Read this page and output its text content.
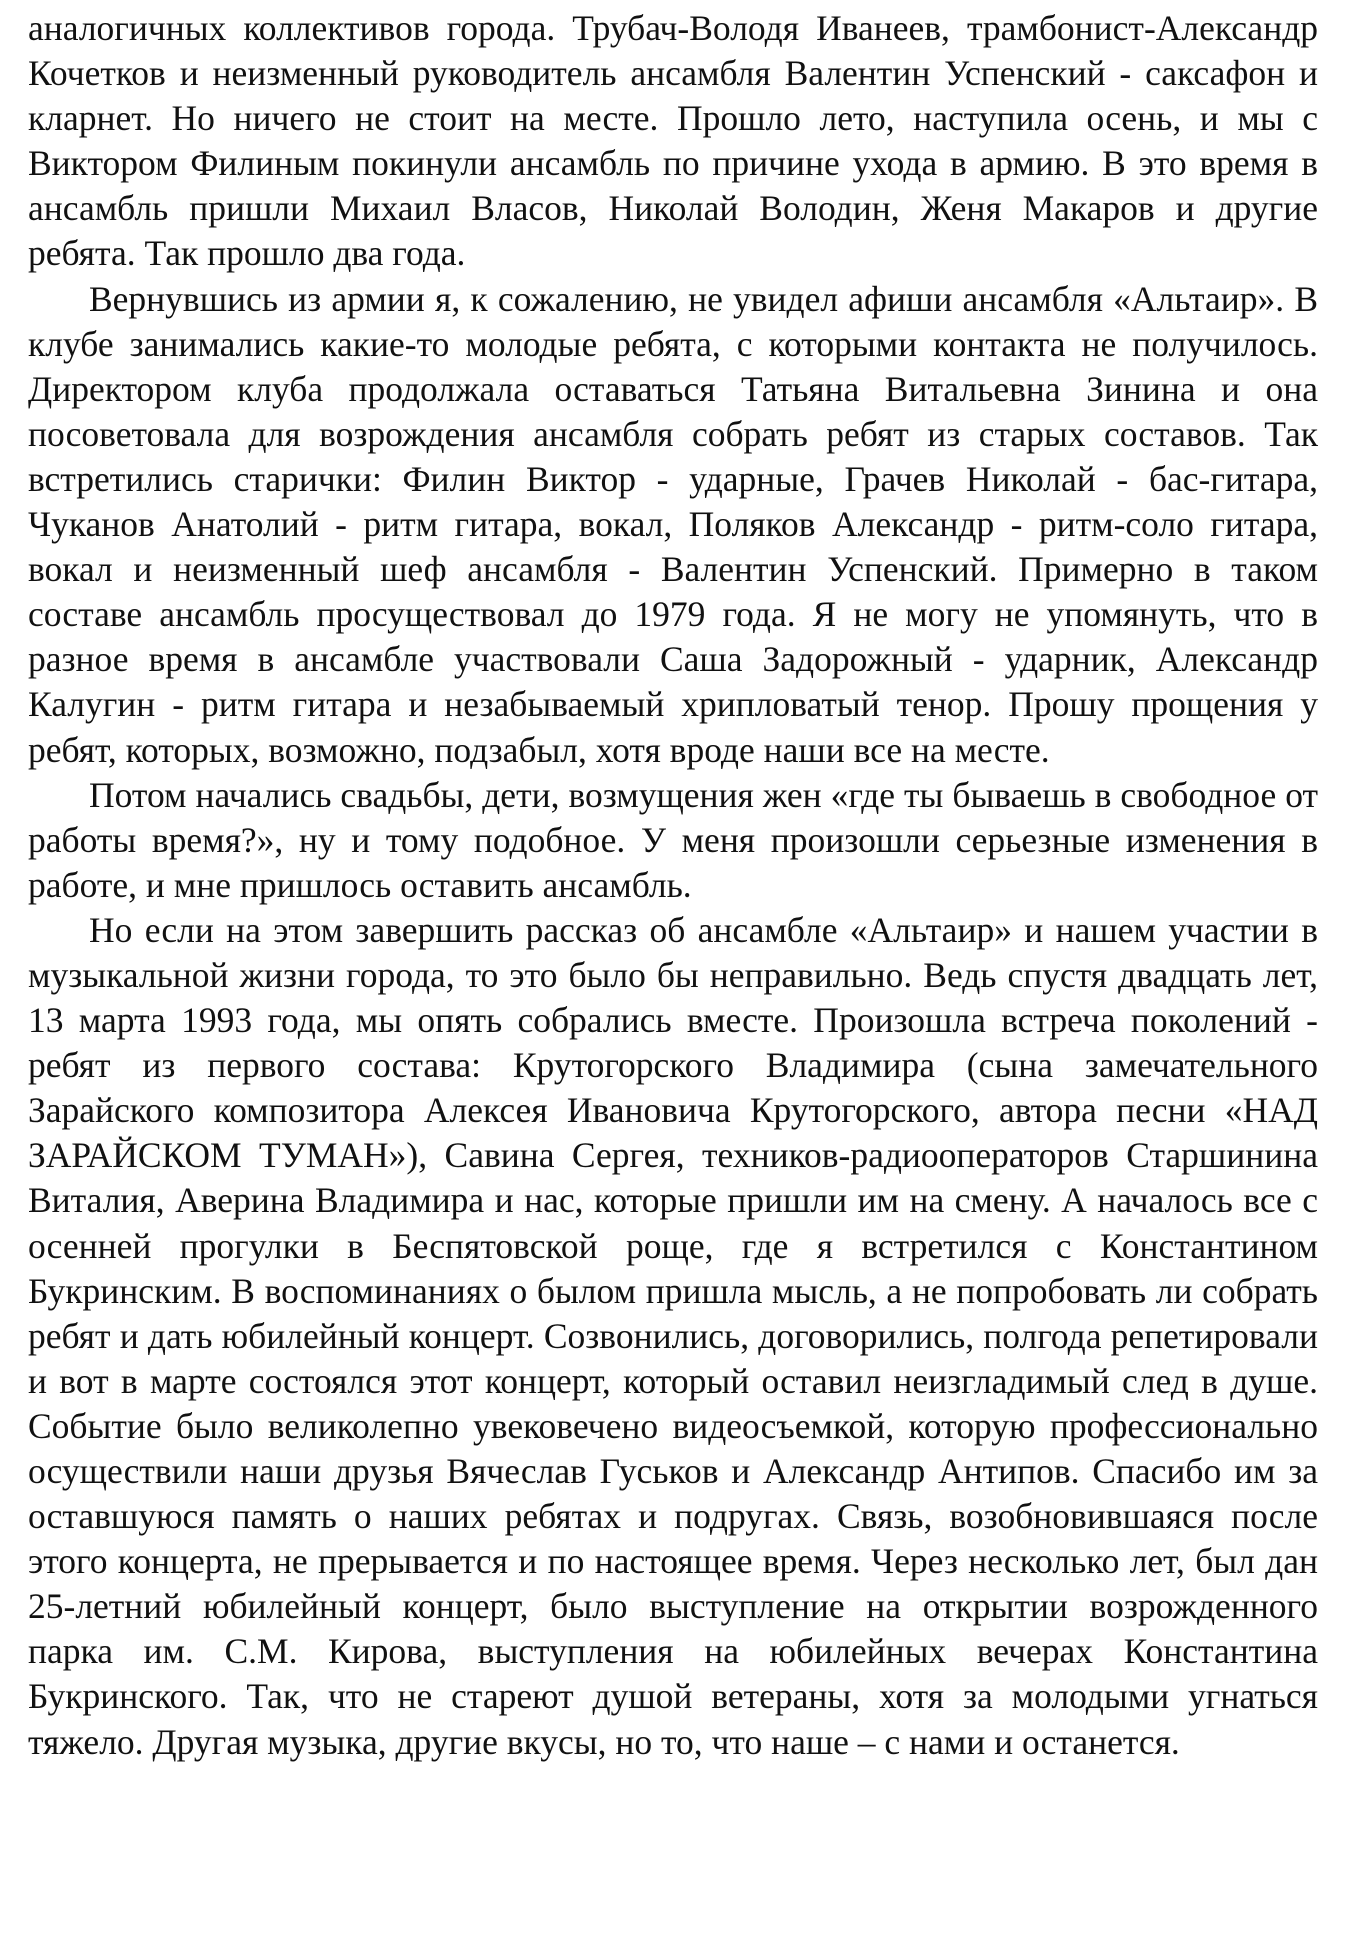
аналогичных коллективов города. Трубач-Володя Иванеев, трамбонист-Александр Кочетков и неизменный руководитель ансамбля Валентин Успенский - саксафон и кларнет. Но ничего не стоит на месте. Прошло лето, наступила осень, и мы с Виктором Филиным покинули ансамбль по причине ухода в армию. В это время в ансамбль пришли Михаил Власов, Николай Володин, Женя Макаров и другие ребята. Так прошло два года.

Вернувшись из армии я, к сожалению, не увидел афиши ансамбля «Альтаир». В клубе занимались какие-то молодые ребята, с которыми контакта не получилось. Директором клуба продолжала оставаться Татьяна Витальевна Зинина и она посоветовала для возрождения ансамбля собрать ребят из старых составов. Так встретились старички: Филин Виктор - ударные, Грачев Николай - бас-гитара, Чуканов Анатолий - ритм гитара, вокал, Поляков Александр - ритм-соло гитара, вокал и неизменный шеф ансамбля - Валентин Успенский. Примерно в таком составе ансамбль просуществовал до 1979 года. Я не могу не упомянуть, что в разное время в ансамбле участвовали Саша Задорожный - ударник, Александр Калугин - ритм гитара и незабываемый хрипловатый тенор. Прошу прощения у ребят, которых, возможно, подзабыл, хотя вроде наши все на месте.

Потом начались свадьбы, дети, возмущения жен «где ты бываешь в свободное от работы время?», ну и тому подобное. У меня произошли серьезные изменения в работе, и мне пришлось оставить ансамбль.

Но если на этом завершить рассказ об ансамбле «Альтаир» и нашем участии в музыкальной жизни города, то это было бы неправильно. Ведь спустя двадцать лет, 13 марта 1993 года, мы опять собрались вместе. Произошла встреча поколений - ребят из первого состава: Крутогорского Владимира (сына замечательного Зарайского композитора Алексея Ивановича Крутогорского, автора песни «НАД ЗАРАЙСКОМ ТУМАН»), Савина Сергея, техников-радиооператоров Старшинина Виталия, Аверина Владимира и нас, которые пришли им на смену. А началось все с осенней прогулки в Беспятовской роще, где я встретился с Константином Букринским. В воспоминаниях о былом пришла мысль, а не попробовать ли собрать ребят и дать юбилейный концерт. Созвонились, договорились, полгода репетировали и вот в марте состоялся этот концерт, который оставил неизгладимый след в душе. Событие было великолепно увековечено видеосъемкой, которую профессионально осуществили наши друзья Вячеслав Гуськов и Александр Антипов. Спасибо им за оставшуюся память о наших ребятах и подругах. Связь, возобновившаяся после этого концерта, не прерывается и по настоящее время. Через несколько лет, был дан 25-летний юбилейный концерт, было выступление на открытии возрожденного парка им. С.М. Кирова, выступления на юбилейных вечерах Константина Букринского. Так, что не стареют душой ветераны, хотя за молодыми угнаться тяжело. Другая музыка, другие вкусы, но то, что наше – с нами и останется.
